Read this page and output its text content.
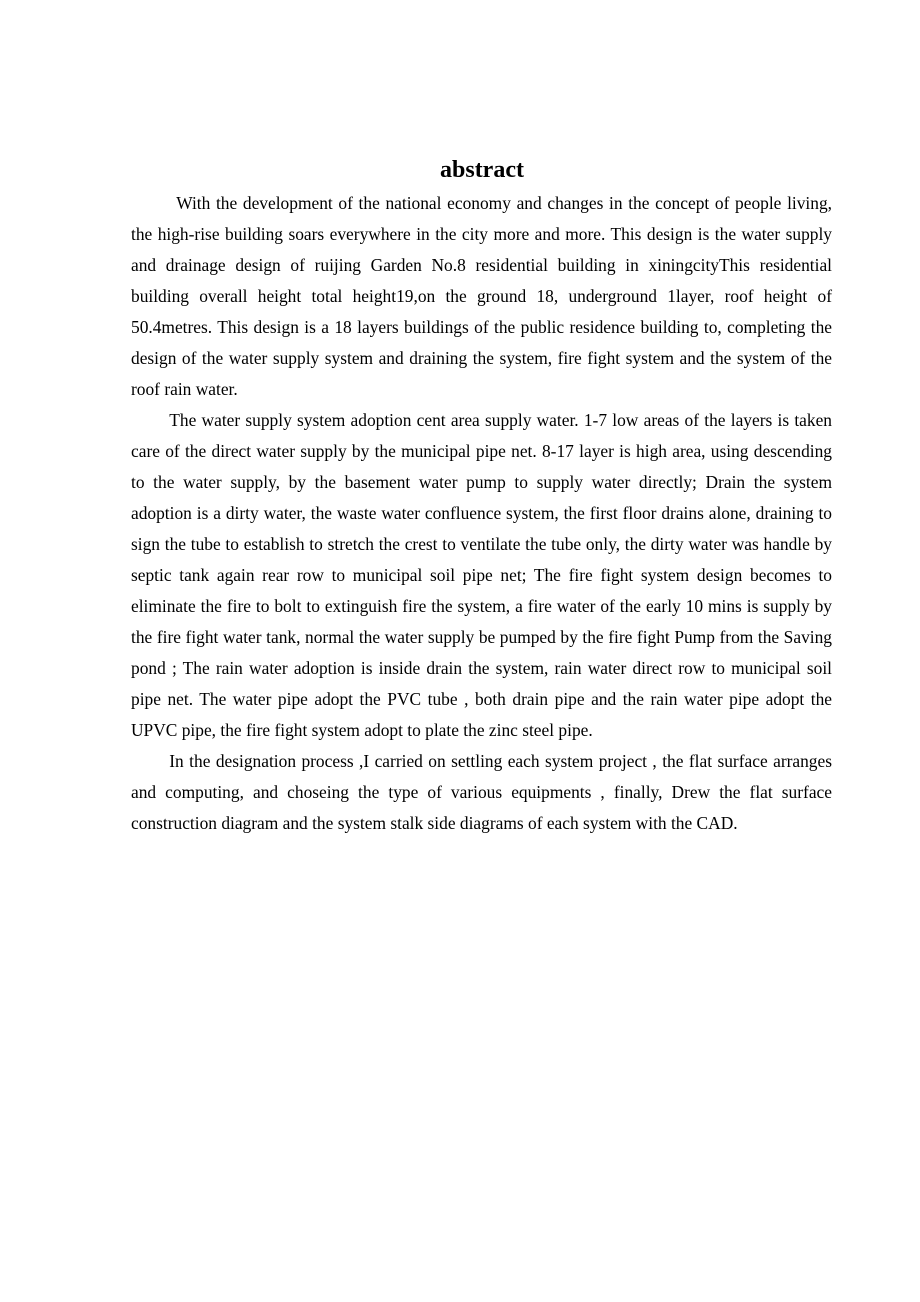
abstract

With the development of the national economy and changes in the concept of people living, the high-rise building soars everywhere in the city more and more. This design is the water supply and drainage design of ruijing Garden No.8 residential building in xiningcityThis residential building overall height total height19,on the ground 18, underground 1layer, roof height of 50.4metres. This design is a 18 layers buildings of the public residence building to, completing the design of the water supply system and draining the system, fire fight system and the system of the roof rain water.

The water supply system adoption cent area supply water. 1-7 low areas of the layers is taken care of the direct water supply by the municipal pipe net. 8-17 layer is high area, using descending to the water supply, by the basement water pump to supply water directly; Drain the system adoption is a dirty water, the waste water confluence system, the first floor drains alone, draining to sign the tube to establish to stretch the crest to ventilate the tube only, the dirty water was handle by septic tank again rear row to municipal soil pipe net; The fire fight system design becomes to eliminate the fire to bolt to extinguish fire the system, a fire water of the early 10 mins is supply by the fire fight water tank, normal the water supply be pumped by the fire fight Pump from the Saving pond ; The rain water adoption is inside drain the system, rain water direct row to municipal soil pipe net. The water pipe adopt the PVC tube , both drain pipe and the rain water pipe adopt the UPVC pipe, the fire fight system adopt to plate the zinc steel pipe.

In the designation process ,I carried on settling each system project , the flat surface arranges and computing, and choseing the type of various equipments , finally, Drew the flat surface construction diagram and the system stalk side diagrams of each system with the CAD.
